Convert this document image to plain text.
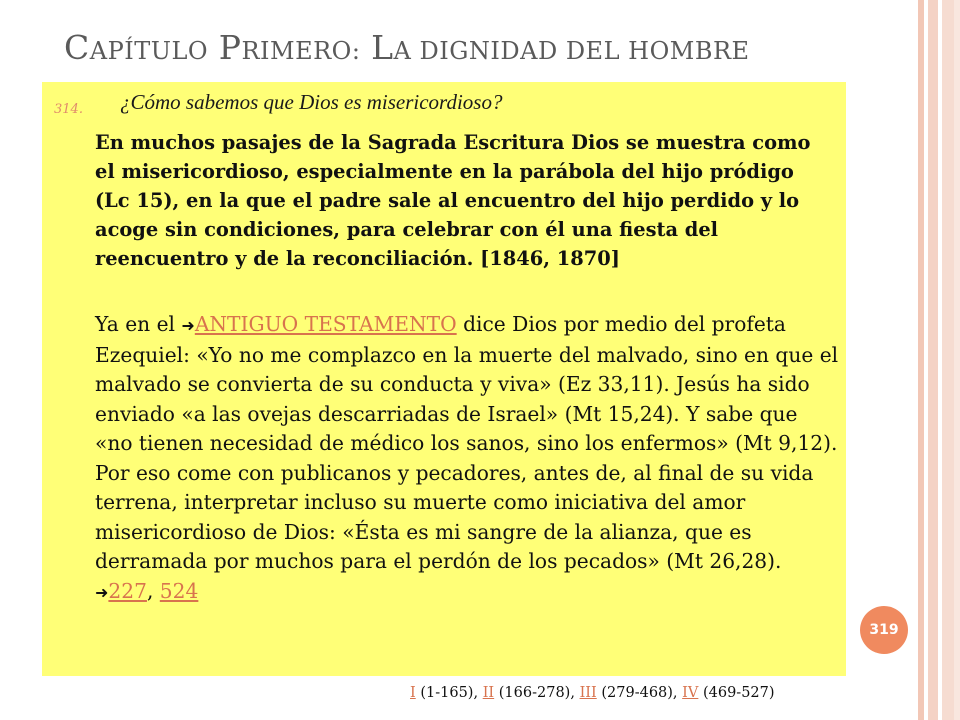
CAPÍTULO PRIMERO: LA DIGNIDAD DEL HOMBRE
314. ¿Cómo sabemos que Dios es misericordioso?
En muchos pasajes de la Sagrada Escritura Dios se muestra como el misericordioso, especialmente en la parábola del hijo pródigo (Lc 15), en la que el padre sale al encuentro del hijo perdido y lo acoge sin condiciones, para celebrar con él una fiesta del reencuentro y de la reconciliación. [1846, 1870]
Ya en el ➜ANTIGUO TESTAMENTO dice Dios por medio del profeta Ezequiel: «Yo no me complazco en la muerte del malvado, sino en que el malvado se convierta de su conducta y viva» (Ez 33,11). Jesús ha sido enviado «a las ovejas descarriadas de Israel» (Mt 15,24). Y sabe que «no tienen necesidad de médico los sanos, sino los enfermos» (Mt 9,12). Por eso come con publicanos y pecadores, antes de, al final de su vida terrena, interpretar incluso su muerte como iniciativa del amor misericordioso de Dios: «Ésta es mi sangre de la alianza, que es derramada por muchos para el perdón de los pecados» (Mt 26,28). ➜227, 524
319
I (1-165), II (166-278), III (279-468), IV (469-527)
